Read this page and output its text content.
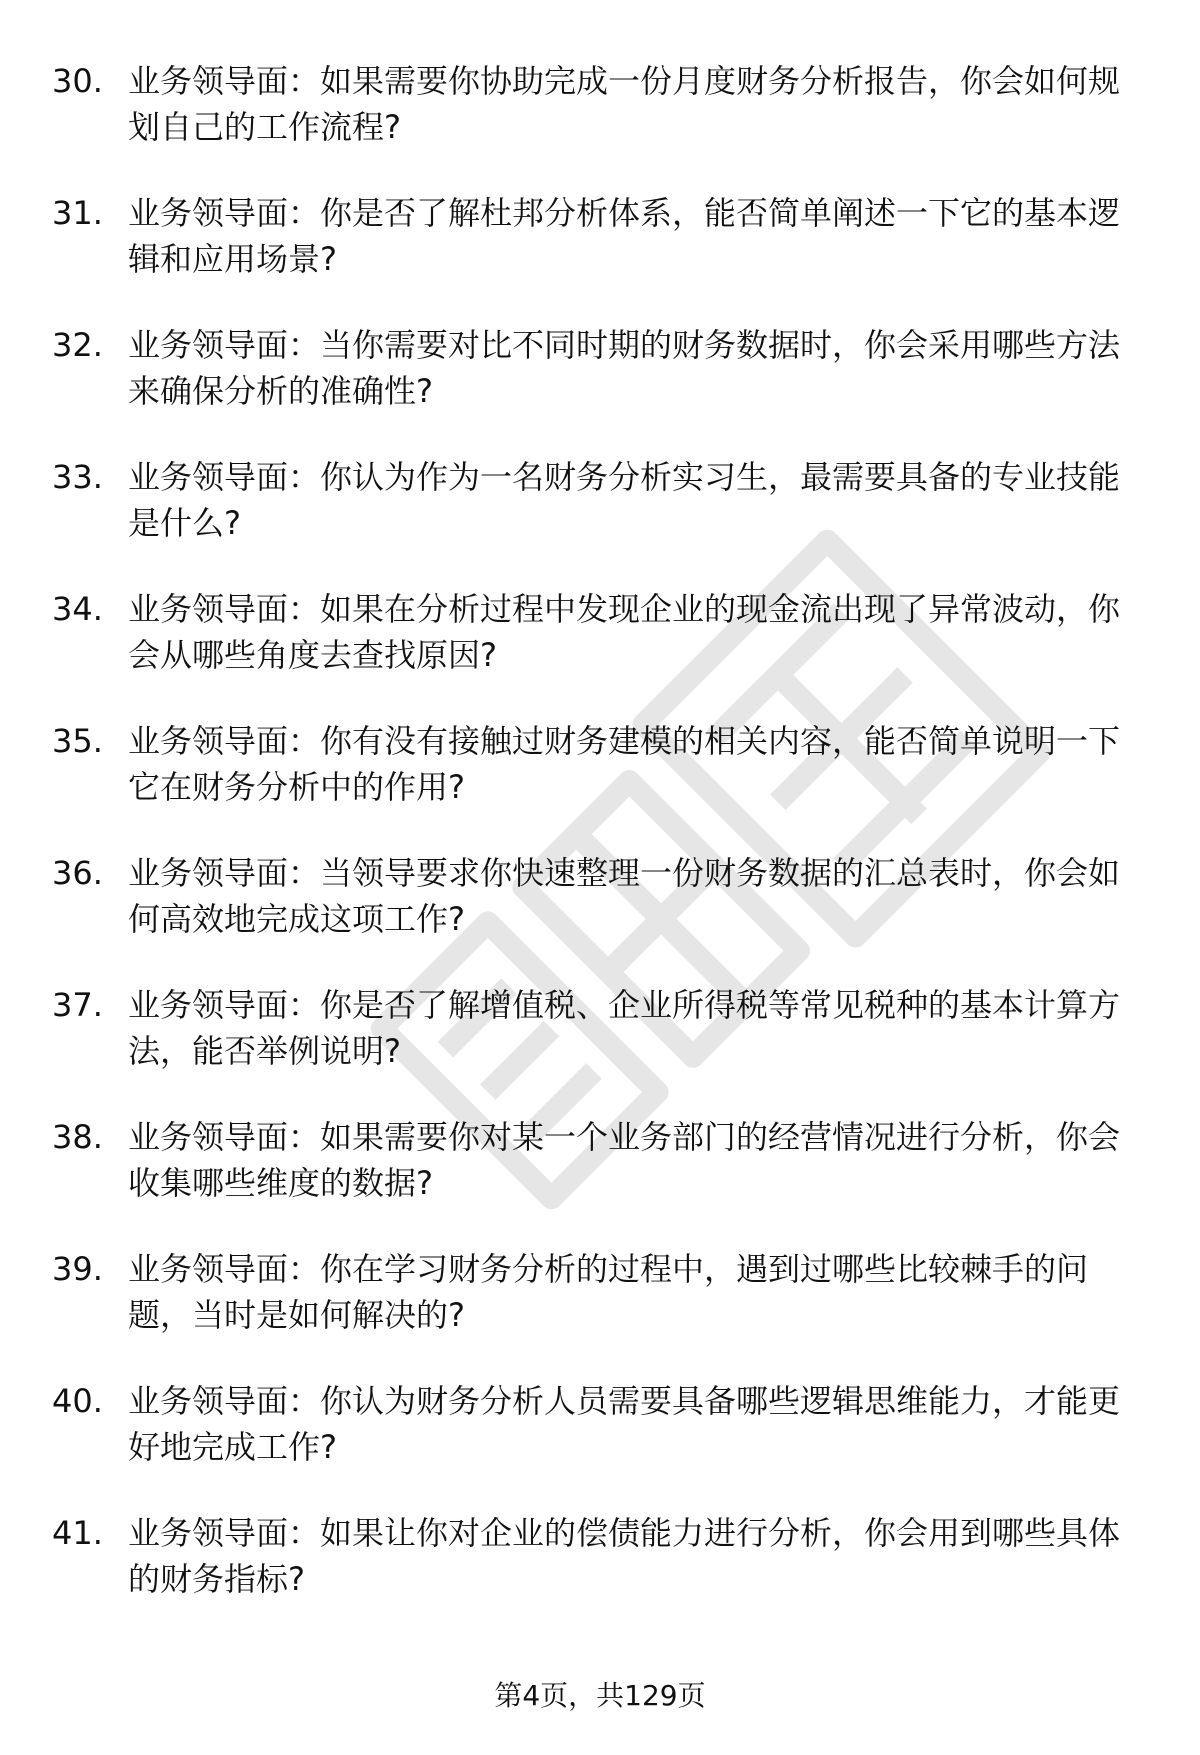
30. 业务领导面：如果需要你协助完成一份月度财务分析报告，你会如何规划自己的工作流程?
31. 业务领导面：你是否了解杜邦分析体系，能否简单阐述一下它的基本逻辑和应用场景?
32. 业务领导面：当你需要对比不同时期的财务数据时，你会采用哪些方法来确保分析的准确性?
33. 业务领导面：你认为作为一名财务分析实习生，最需要具备的专业技能是什么?
34. 业务领导面：如果在分析过程中发现企业的现金流出现了异常波动，你会从哪些角度去查找原因?
35. 业务领导面：你有没有接触过财务建模的相关内容，能否简单说明一下它在财务分析中的作用?
36. 业务领导面：当领导要求你快速整理一份财务数据的汇总表时，你会如何高效地完成这项工作?
37. 业务领导面：你是否了解增值税、企业所得税等常见税种的基本计算方法，能否举例说明?
38. 业务领导面：如果需要你对某一个业务部门的经营情况进行分析，你会收集哪些维度的数据?
39. 业务领导面：你在学习财务分析的过程中，遇到过哪些比较棘手的问题，当时是如何解决的?
40. 业务领导面：你认为财务分析人员需要具备哪些逻辑思维能力，才能更好地完成工作?
41. 业务领导面：如果让你对企业的偿债能力进行分析，你会用到哪些具体的财务指标?
第4页，共129页
